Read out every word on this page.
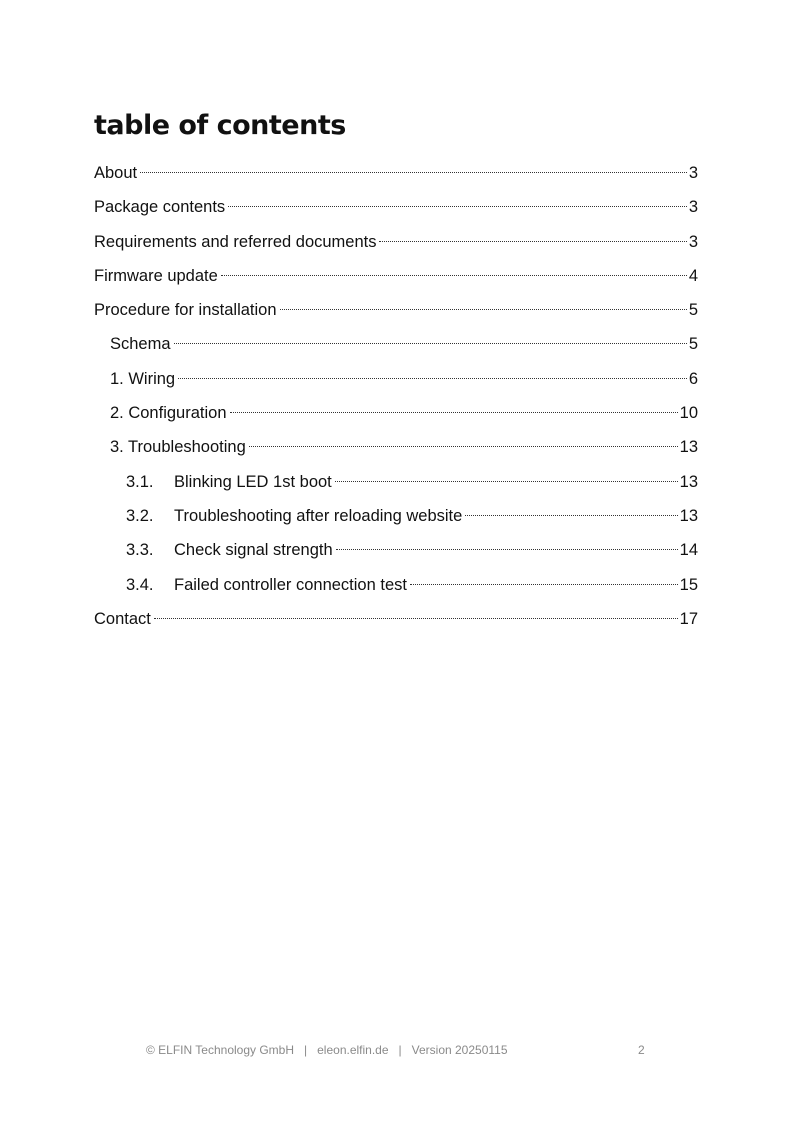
table of contents
About	3
Package contents	3
Requirements and referred documents	3
Firmware update	4
Procedure for installation	5
Schema	5
1. Wiring	6
2. Configuration	10
3. Troubleshooting	13
3.1.	Blinking LED 1st boot	13
3.2.	Troubleshooting after reloading website	13
3.3.	Check signal strength	14
3.4.	Failed controller connection test	15
Contact	17
© ELFIN Technology GmbH   |   eleon.elfin.de   |   Version 20250115	2
